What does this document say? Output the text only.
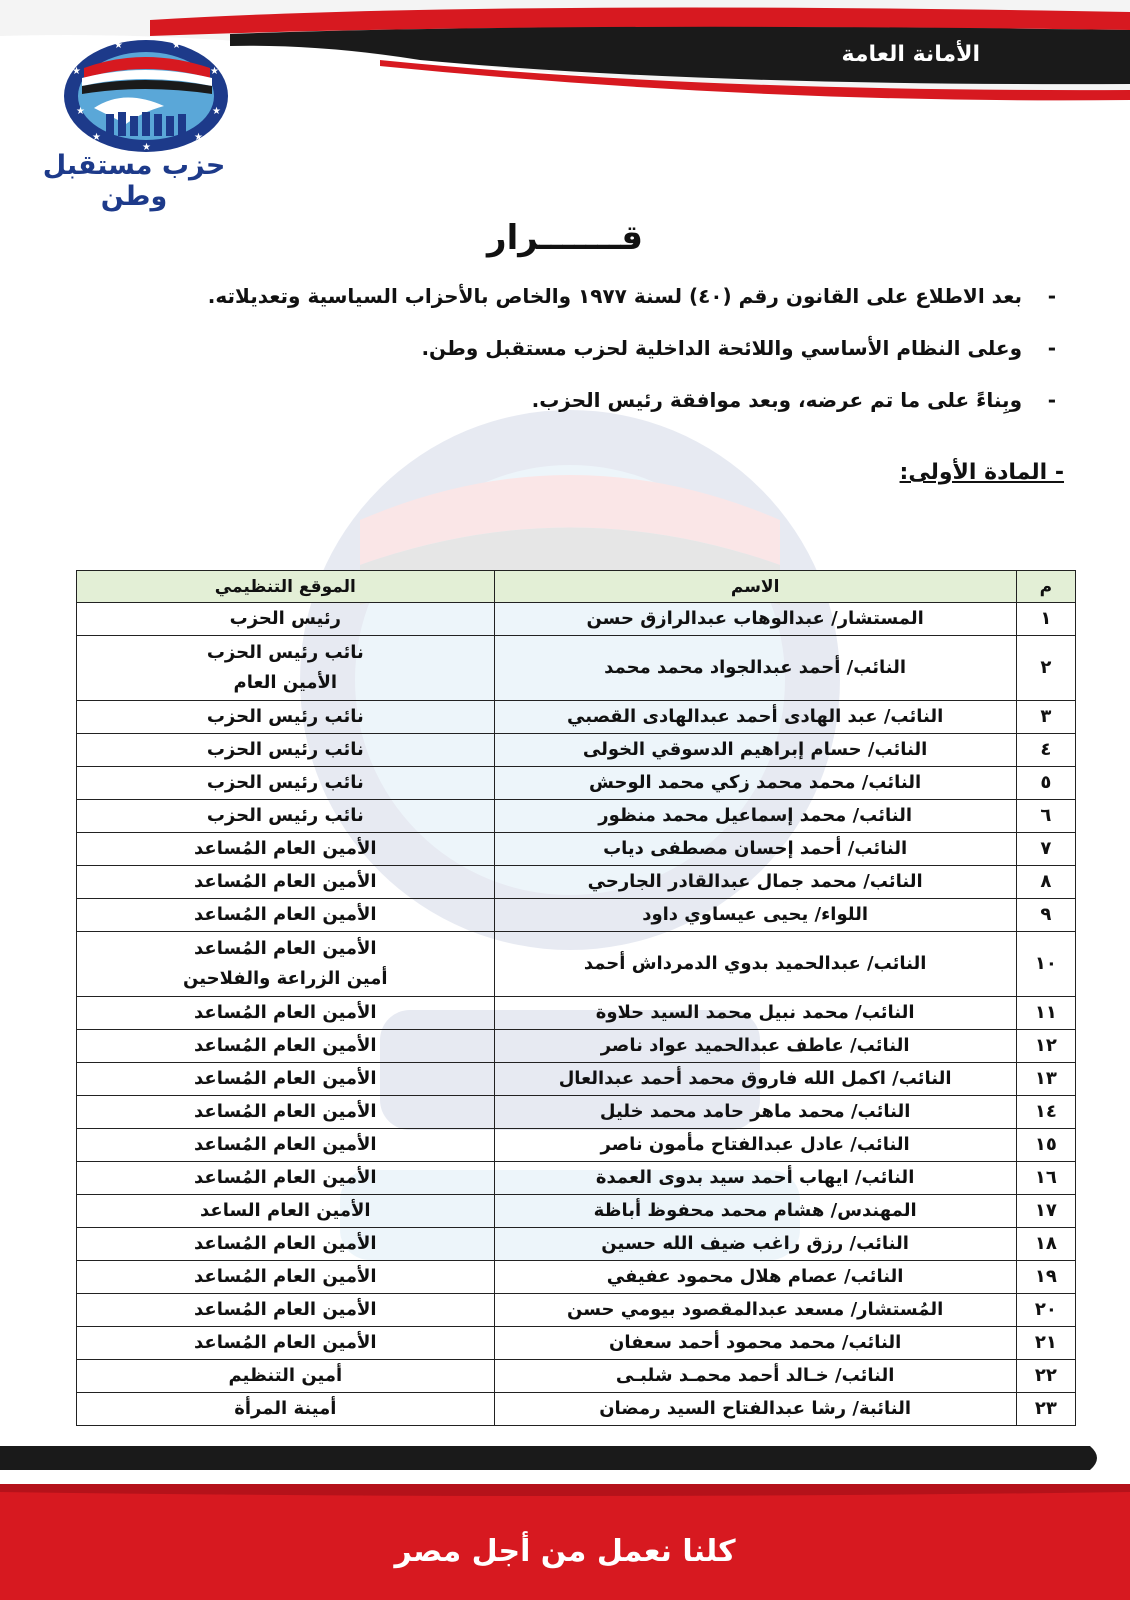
الأمانة العامة
★
★
★
★
★
★
★
★	★
حزب مستقبل وطن
قـــــــرار
-بعد الاطلاع على القانون رقم (٤٠) لسنة ١٩٧٧ والخاص بالأحزاب السياسية وتعديلاته.
-وعلى النظام الأساسي واللائحة الداخلية لحزب مستقبل وطن.
-وبِناءً على ما تم عرضه، وبعد موافقة رئيس الحزب.
- المادة الأولى:
م	الاسم	الموقع التنظيمي
١	المستشار/ عبدالوهاب عبدالرازق حسن	رئيس الحزب

٢	النائب/ أحمد عبدالجواد محمد محمد	نائب رئيس الحزب
الأمين العام

٣	النائب/ عبد الهادى أحمد عبدالهادى القصبي	نائب رئيس الحزب

٤	النائب/ حسام إبراهيم الدسوقي الخولى	نائب رئيس الحزب

٥	النائب/ محمد محمد زكي محمد الوحش	نائب رئيس الحزب

٦	النائب/ محمد إسماعيل محمد منظور	نائب رئيس الحزب

٧	النائب/ أحمد إحسان مصطفى دياب	الأمين العام المُساعد

٨	النائب/ محمد جمال عبدالقادر الجارحي	الأمين العام المُساعد

٩	اللواء/ يحيى عيساوي داود	الأمين العام المُساعد

١٠	النائب/ عبدالحميد بدوي الدمرداش أحمد	الأمين العام المُساعد
أمين الزراعة والفلاحين

١١	النائب/ محمد نبيل محمد السيد حلاوة	الأمين العام المُساعد

١٢	النائب/ عاطف عبدالحميد عواد ناصر	الأمين العام المُساعد

١٣	النائب/ اكمل الله فاروق محمد أحمد عبدالعال	الأمين العام المُساعد

١٤	النائب/ محمد ماهر حامد محمد خليل	الأمين العام المُساعد

١٥	النائب/ عادل عبدالفتاح مأمون ناصر	الأمين العام المُساعد

١٦	النائب/ ايهاب أحمد سيد بدوى العمدة	الأمين العام المُساعد

١٧	المهندس/ هشام محمد محفوظ أباظة	الأمين العام الساعد

١٨	النائب/ رزق راغب ضيف الله حسين	الأمين العام المُساعد

١٩	النائب/ عصام هلال محمود عفيفي	الأمين العام المُساعد

٢٠	المُستشار/ مسعد عبدالمقصود بيومي حسن	الأمين العام المُساعد

٢١	النائب/ محمد محمود أحمد سعفان	الأمين العام المُساعد

٢٢	النائب/ خـالد أحمد محمـد شلبـى	أمين التنظيم

٢٣	النائبة/ رشا عبدالفتاح السيد رمضان	أمينة المرأة
كلنا نعمل من أجل مصر
